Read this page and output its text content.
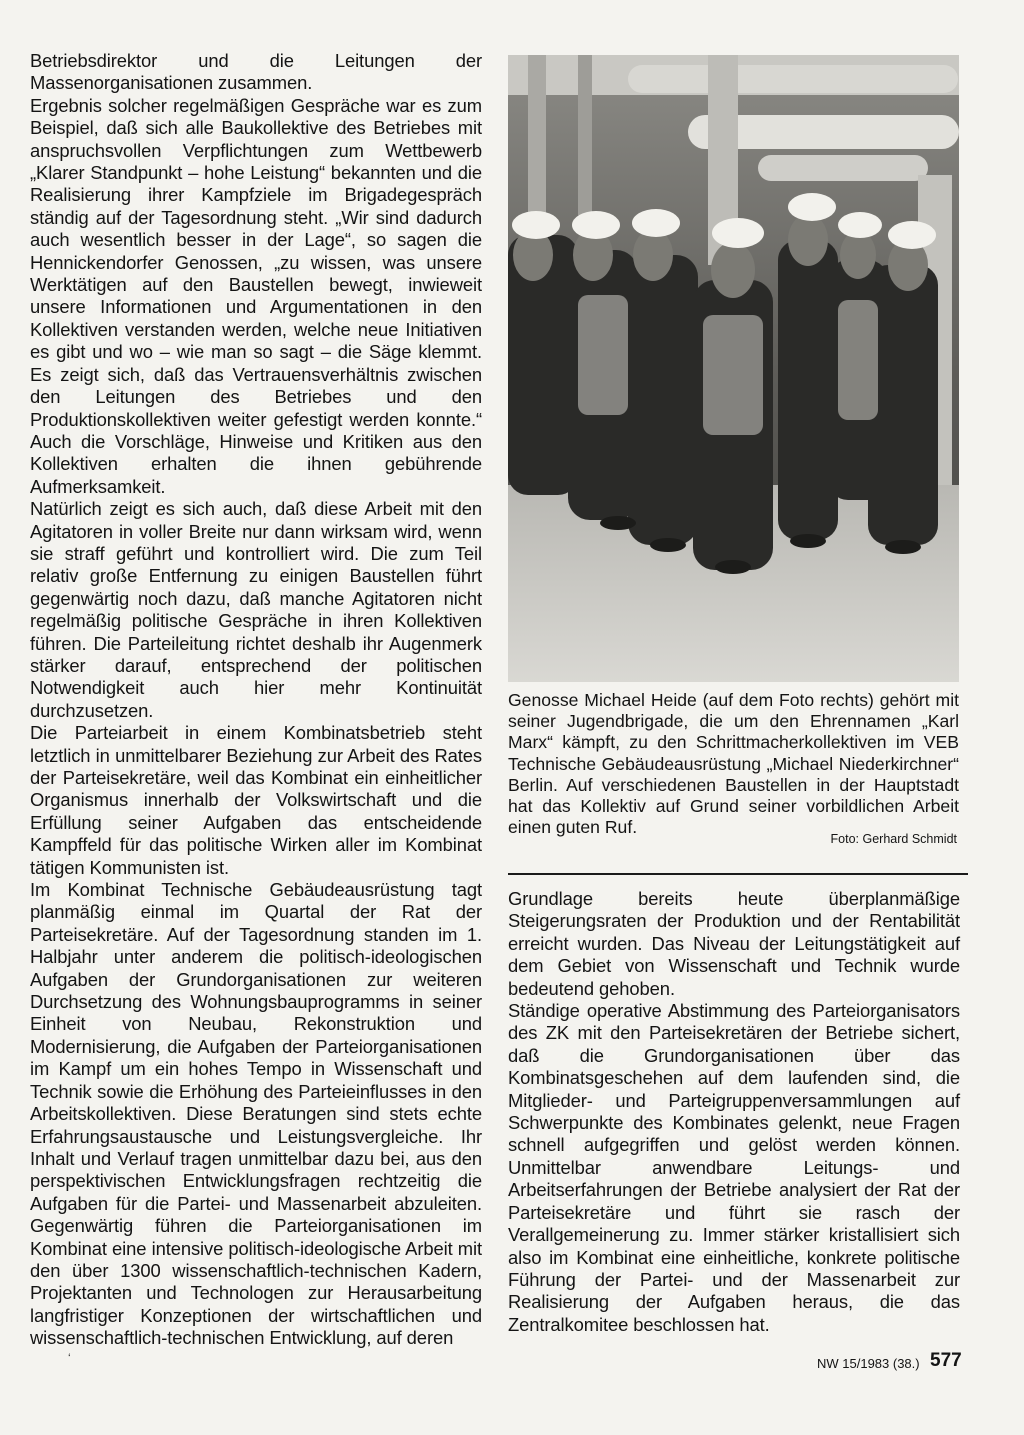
Betriebsdirektor und die Leitungen der Massenorganisationen zusammen.

Ergebnis solcher regelmäßigen Gespräche war es zum Beispiel, daß sich alle Baukollektive des Betriebes mit anspruchsvollen Verpflichtungen zum Wettbewerb „Klarer Standpunkt – hohe Leistung“ bekannten und die Realisierung ihrer Kampfziele im Brigadegespräch ständig auf der Tagesordnung steht. „Wir sind dadurch auch wesentlich besser in der Lage“, so sagen die Hennickendorfer Genossen, „zu wissen, was unsere Werktätigen auf den Baustellen bewegt, inwieweit unsere Informationen und Argumentationen in den Kollektiven verstanden werden, welche neue Initiativen es gibt und wo – wie man so sagt – die Säge klemmt. Es zeigt sich, daß das Vertrauensverhältnis zwischen den Leitungen des Betriebes und den Produktionskollektiven weiter gefestigt werden konnte.“ Auch die Vorschläge, Hinweise und Kritiken aus den Kollektiven erhalten die ihnen gebührende Aufmerksamkeit.

Natürlich zeigt es sich auch, daß diese Arbeit mit den Agitatoren in voller Breite nur dann wirksam wird, wenn sie straff geführt und kontrolliert wird. Die zum Teil relativ große Entfernung zu einigen Baustellen führt gegenwärtig noch dazu, daß manche Agitatoren nicht regelmäßig politische Gespräche in ihren Kollektiven führen. Die Parteileitung richtet deshalb ihr Augenmerk stärker darauf, entsprechend der politischen Notwendigkeit auch hier mehr Kontinuität durchzusetzen.

Die Parteiarbeit in einem Kombinatsbetrieb steht letztlich in unmittelbarer Beziehung zur Arbeit des Rates der Parteisekretäre, weil das Kombinat ein einheitlicher Organismus innerhalb der Volkswirtschaft und die Erfüllung seiner Aufgaben das entscheidende Kampffeld für das politische Wirken aller im Kombinat tätigen Kommunisten ist.

Im Kombinat Technische Gebäudeausrüstung tagt planmäßig einmal im Quartal der Rat der Parteisekretäre. Auf der Tagesordnung standen im 1. Halbjahr unter anderem die politisch-ideologischen Aufgaben der Grundorganisationen zur weiteren Durchsetzung des Wohnungsbauprogramms in seiner Einheit von Neubau, Rekonstruktion und Modernisierung, die Aufgaben der Parteiorganisationen im Kampf um ein hohes Tempo in Wissenschaft und Technik sowie die Erhöhung des Parteieinflusses in den Arbeitskollektiven. Diese Beratungen sind stets echte Erfahrungsaustausche und Leistungsvergleiche. Ihr Inhalt und Verlauf tragen unmittelbar dazu bei, aus den perspektivischen Entwicklungsfragen rechtzeitig die Aufgaben für die Partei- und Massenarbeit abzuleiten. Gegenwärtig führen die Parteiorganisationen im Kombinat eine intensive politisch-ideologische Arbeit mit den über 1300 wissenschaftlich-technischen Kadern, Projektanten und Technologen zur Herausarbeitung langfristiger Konzeptionen der wirtschaftlichen und wissenschaftlich-technischen Entwicklung, auf deren

Genosse Michael Heide (auf dem Foto rechts) gehört mit seiner Jugendbrigade, die um den Ehrennamen „Karl Marx“ kämpft, zu den Schrittmacherkollektiven im VEB Technische Gebäudeausrüstung „Michael Niederkirchner“ Berlin. Auf verschiedenen Baustellen in der Hauptstadt hat das Kollektiv auf Grund seiner vorbildlichen Arbeit einen guten Ruf.

Foto: Gerhard Schmidt

Grundlage bereits heute überplanmäßige Steigerungsraten der Produktion und der Rentabilität erreicht wurden. Das Niveau der Leitungstätigkeit auf dem Gebiet von Wissenschaft und Technik wurde bedeutend gehoben.

Ständige operative Abstimmung des Parteiorganisators des ZK mit den Parteisekretären der Betriebe sichert, daß die Grundorganisationen über das Kombinatsgeschehen auf dem laufenden sind, die Mitglieder- und Parteigruppenversammlungen auf Schwerpunkte des Kombinates gelenkt, neue Fragen schnell aufgegriffen und gelöst werden können. Unmittelbar anwendbare Leitungs- und Arbeitserfahrungen der Betriebe analysiert der Rat der Parteisekretäre und führt sie rasch der Verallgemeinerung zu. Immer stärker kristallisiert sich also im Kombinat eine einheitliche, konkrete politische Führung der Partei- und der Massenarbeit zur Realisierung der Aufgaben heraus, die das Zentralkomitee beschlossen hat.

‘	NW 15/1983 (38.) 577
